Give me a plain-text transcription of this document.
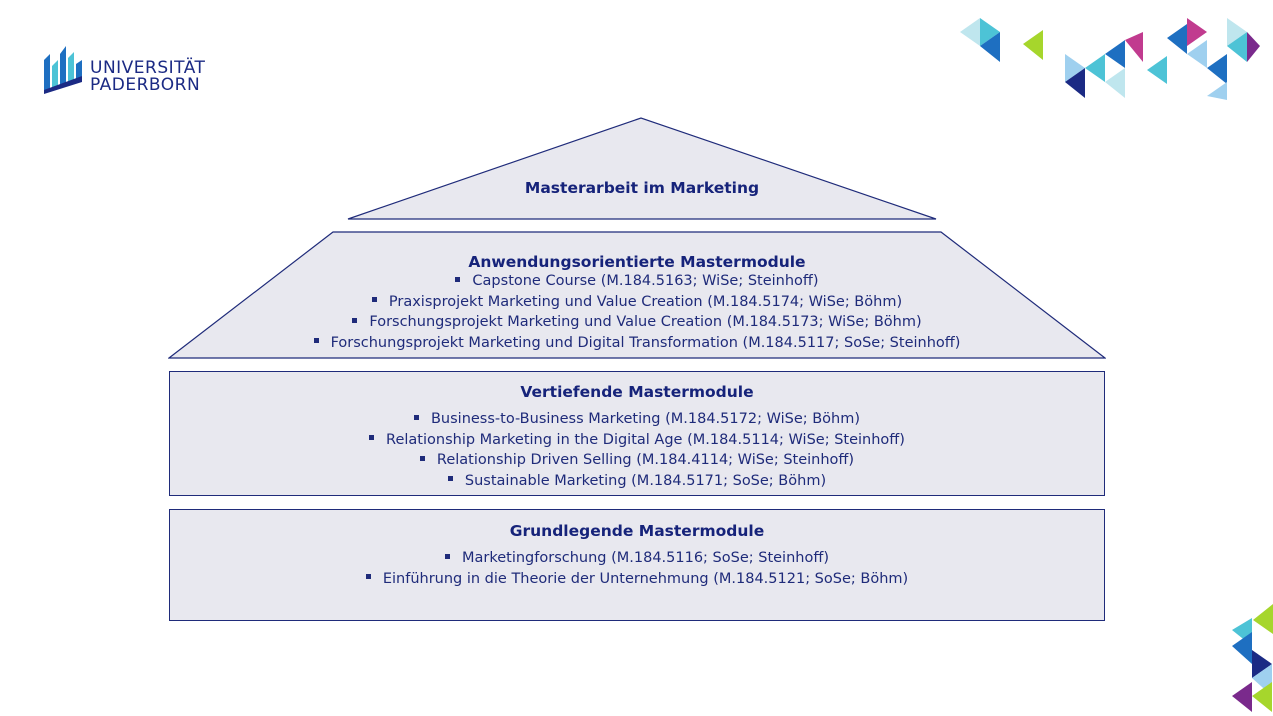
UNIVERSITÄT
PADERBORN
Masterarbeit im Marketing
Anwendungsorientierte Mastermodule
Capstone Course (M.184.5163; WiSe; Steinhoff)
Praxisprojekt Marketing und Value Creation (M.184.5174; WiSe; Böhm)
Forschungsprojekt Marketing und Value Creation (M.184.5173; WiSe; Böhm)
Forschungsprojekt Marketing und Digital Transformation (M.184.5117; SoSe; Steinhoff)
Vertiefende Mastermodule
Business-to-Business Marketing (M.184.5172; WiSe; Böhm)
Relationship Marketing in the Digital Age (M.184.5114; WiSe; Steinhoff)
Relationship Driven Selling (M.184.4114; WiSe; Steinhoff)
Sustainable Marketing (M.184.5171; SoSe; Böhm)
Grundlegende Mastermodule
Marketingforschung (M.184.5116; SoSe; Steinhoff)
Einführung in die Theorie der Unternehmung (M.184.5121; SoSe; Böhm)
